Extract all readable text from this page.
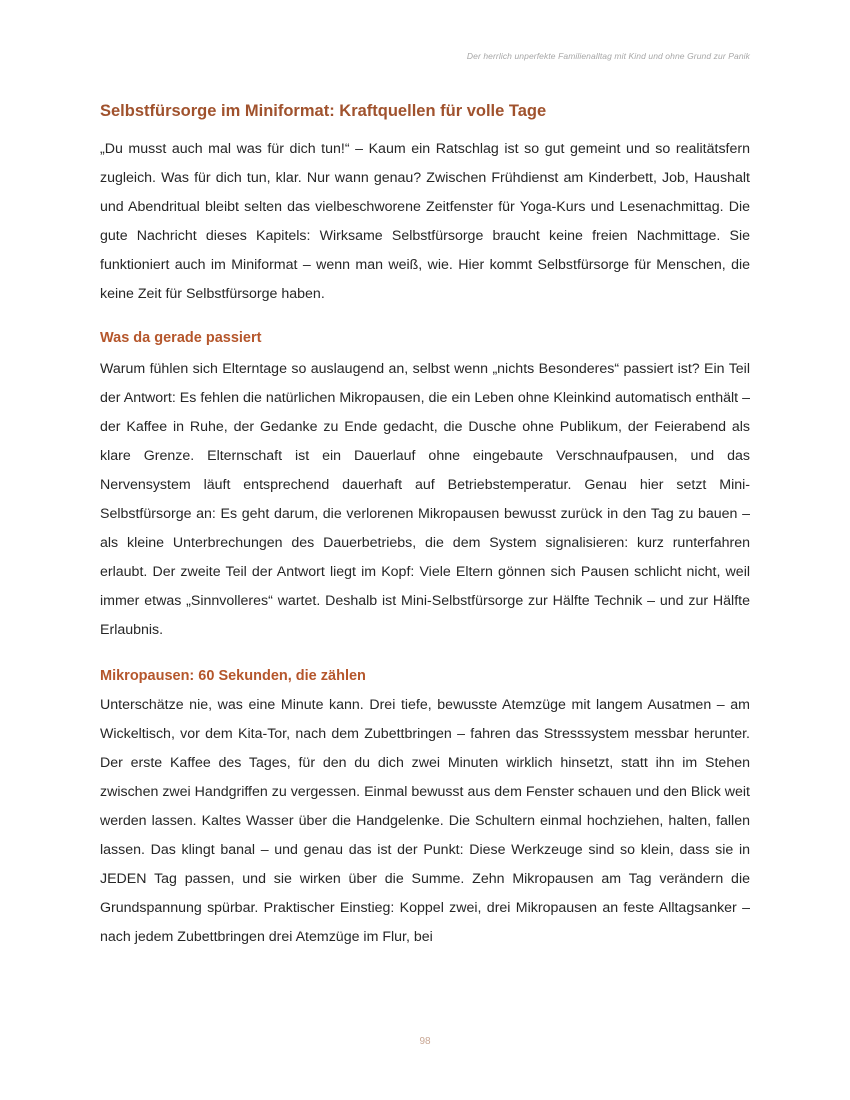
Der herrlich unperfekte Familienalltag mit Kind und ohne Grund zur Panik
Selbstfürsorge im Miniformat: Kraftquellen für volle Tage

„Du musst auch mal was für dich tun!“ – Kaum ein Ratschlag ist so gut gemeint und so realitätsfern zugleich. Was für dich tun, klar. Nur wann genau? Zwischen Frühdienst am Kinderbett, Job, Haushalt und Abendritual bleibt selten das vielbeschworene Zeitfenster für Yoga-Kurs und Lesenachmittag. Die gute Nachricht dieses Kapitels: Wirksame Selbstfürsorge braucht keine freien Nachmittage. Sie funktioniert auch im Miniformat – wenn man weiß, wie. Hier kommt Selbstfürsorge für Menschen, die keine Zeit für Selbstfürsorge haben.

Was da gerade passiert

Warum fühlen sich Elterntage so auslaugend an, selbst wenn „nichts Besonderes“ passiert ist? Ein Teil der Antwort: Es fehlen die natürlichen Mikropausen, die ein Leben ohne Kleinkind automatisch enthält – der Kaffee in Ruhe, der Gedanke zu Ende gedacht, die Dusche ohne Publikum, der Feierabend als klare Grenze. Elternschaft ist ein Dauerlauf ohne eingebaute Verschnaufpausen, und das Nervensystem läuft entsprechend dauerhaft auf Betriebstemperatur. Genau hier setzt Mini-Selbstfürsorge an: Es geht darum, die verlorenen Mikropausen bewusst zurück in den Tag zu bauen – als kleine Unterbrechungen des Dauerbetriebs, die dem System signalisieren: kurz runterfahren erlaubt. Der zweite Teil der Antwort liegt im Kopf: Viele Eltern gönnen sich Pausen schlicht nicht, weil immer etwas „Sinnvolleres“ wartet. Deshalb ist Mini-Selbstfürsorge zur Hälfte Technik – und zur Hälfte Erlaubnis.

Mikropausen: 60 Sekunden, die zählen

Unterschätze nie, was eine Minute kann. Drei tiefe, bewusste Atemzüge mit langem Ausatmen – am Wickeltisch, vor dem Kita-Tor, nach dem Zubettbringen – fahren das Stresssystem messbar herunter. Der erste Kaffee des Tages, für den du dich zwei Minuten wirklich hinsetzt, statt ihn im Stehen zwischen zwei Handgriffen zu vergessen. Einmal bewusst aus dem Fenster schauen und den Blick weit werden lassen. Kaltes Wasser über die Handgelenke. Die Schultern einmal hochziehen, halten, fallen lassen. Das klingt banal – und genau das ist der Punkt: Diese Werkzeuge sind so klein, dass sie in JEDEN Tag passen, und sie wirken über die Summe. Zehn Mikropausen am Tag verändern die Grundspannung spürbar. Praktischer Einstieg: Koppel zwei, drei Mikropausen an feste Alltagsanker – nach jedem Zubettbringen drei Atemzüge im Flur, bei

98
